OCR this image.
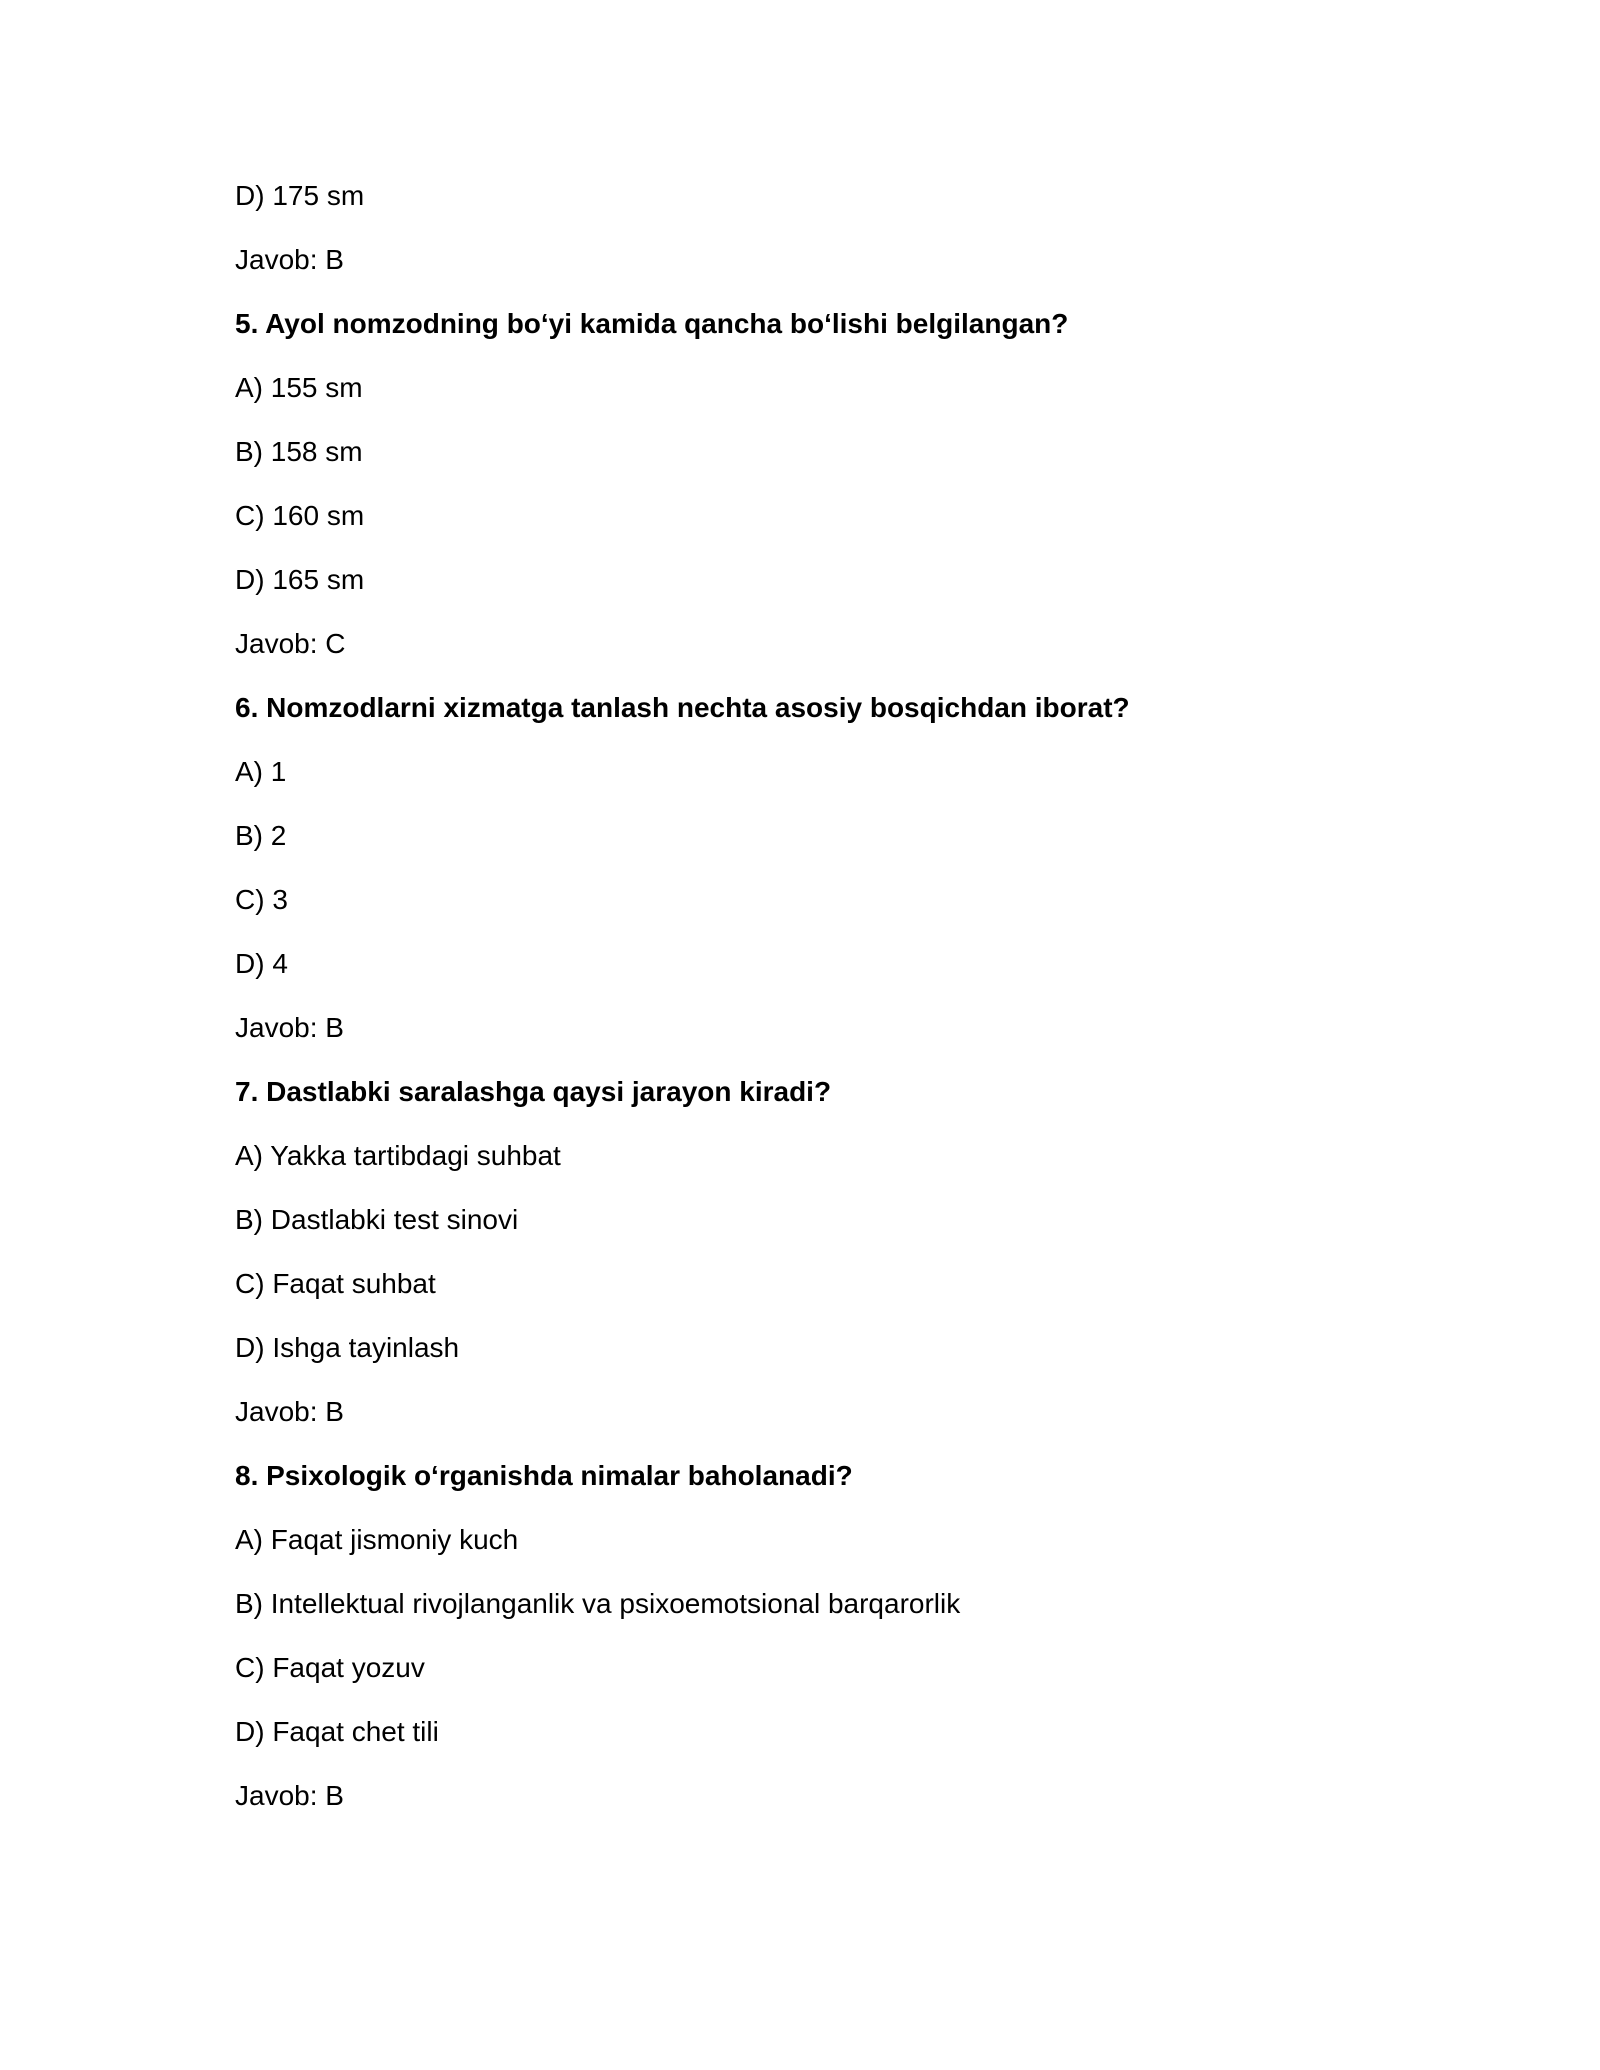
D) 175 sm
Javob: B
5. Ayol nomzodning bo‘yi kamida qancha bo‘lishi belgilangan?
A) 155 sm
B) 158 sm
C) 160 sm
D) 165 sm
Javob: C
6. Nomzodlarni xizmatga tanlash nechta asosiy bosqichdan iborat?
A) 1
B) 2
C) 3
D) 4
Javob: B
7. Dastlabki saralashga qaysi jarayon kiradi?
A) Yakka tartibdagi suhbat
B) Dastlabki test sinovi
C) Faqat suhbat
D) Ishga tayinlash
Javob: B
8. Psixologik o‘rganishda nimalar baholanadi?
A) Faqat jismoniy kuch
B) Intellektual rivojlanganlik va psixoemotsional barqarorlik
C) Faqat yozuv
D) Faqat chet tili
Javob: B
